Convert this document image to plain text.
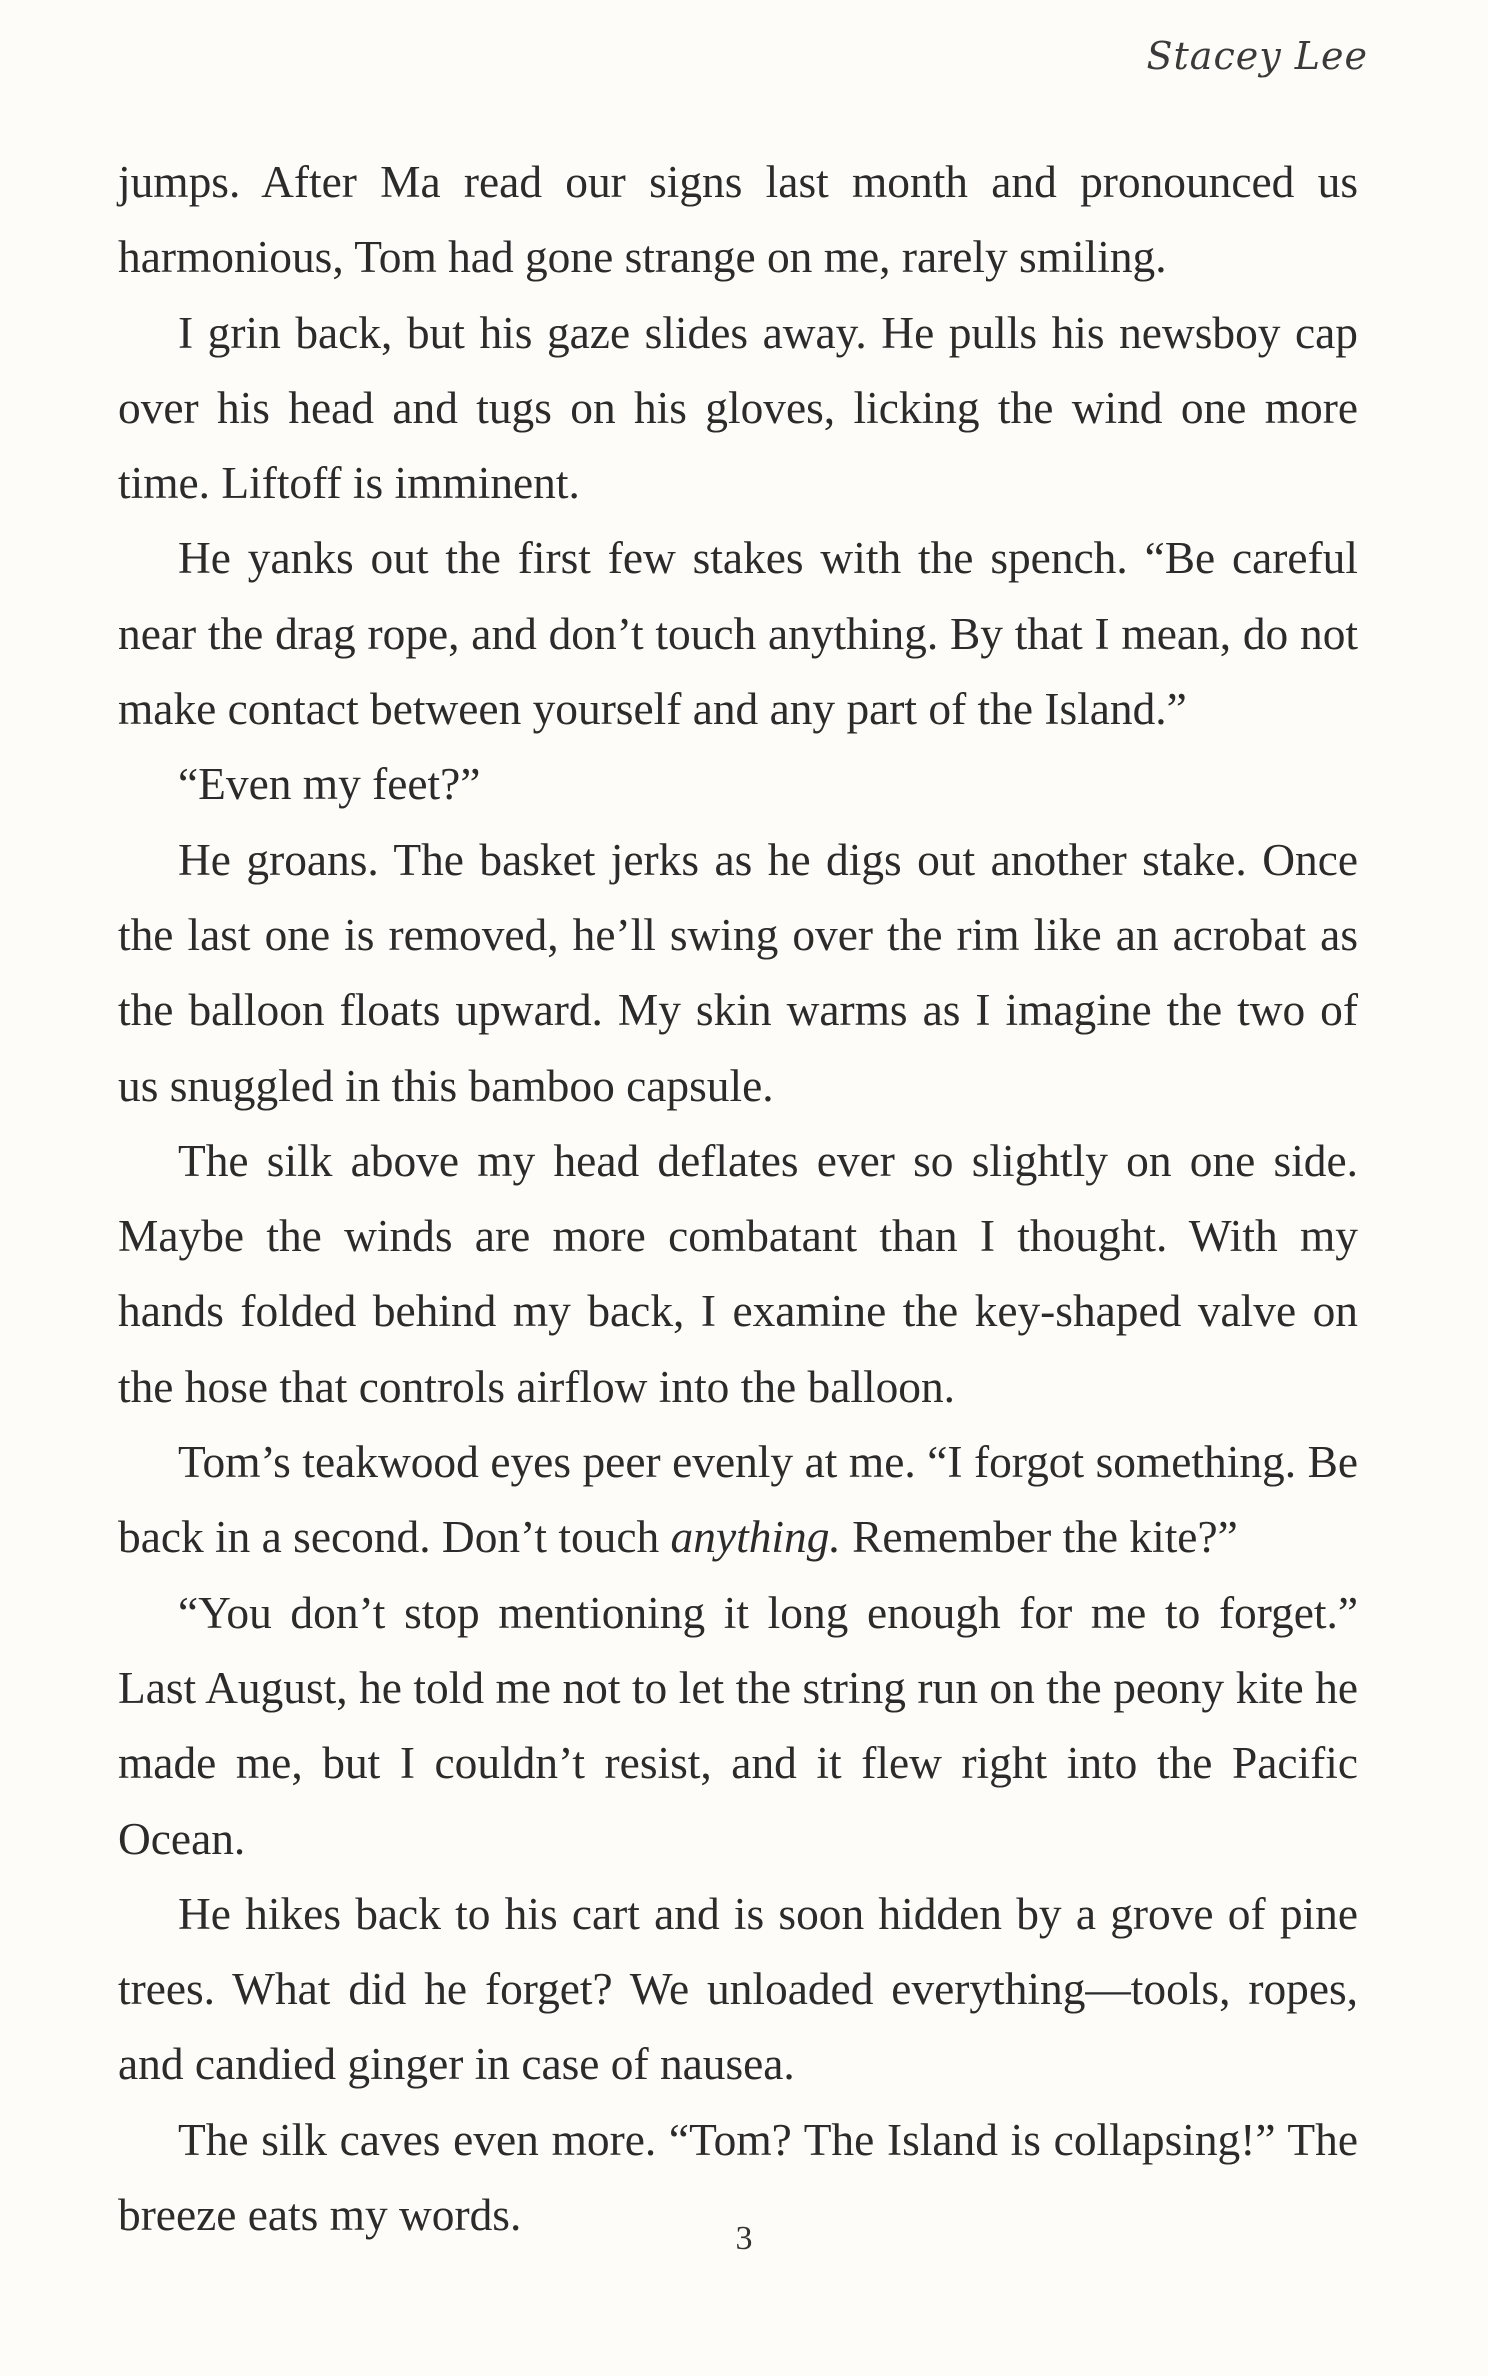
Stacey Lee

jumps. After Ma read our signs last month and pronounced us harmonious, Tom had gone strange on me, rarely smiling.

I grin back, but his gaze slides away. He pulls his newsboy cap over his head and tugs on his gloves, licking the wind one more time. Liftoff is imminent.

He yanks out the first few stakes with the spench. “Be careful near the drag rope, and don’t touch anything. By that I mean, do not make contact between yourself and any part of the Island.”

“Even my feet?”

He groans. The basket jerks as he digs out another stake. Once the last one is removed, he’ll swing over the rim like an acrobat as the balloon floats upward. My skin warms as I imagine the two of us snuggled in this bamboo capsule.

The silk above my head deflates ever so slightly on one side. Maybe the winds are more combatant than I thought. With my hands folded behind my back, I examine the key-shaped valve on the hose that controls airflow into the balloon.

Tom’s teakwood eyes peer evenly at me. “I forgot something. Be back in a second. Don’t touch anything. Remember the kite?”

“You don’t stop mentioning it long enough for me to forget.” Last August, he told me not to let the string run on the peony kite he made me, but I couldn’t resist, and it flew right into the Pacific Ocean.

He hikes back to his cart and is soon hidden by a grove of pine trees. What did he forget? We unloaded everything—tools, ropes, and candied ginger in case of nausea.

The silk caves even more. “Tom? The Island is collapsing!” The breeze eats my words.	3
